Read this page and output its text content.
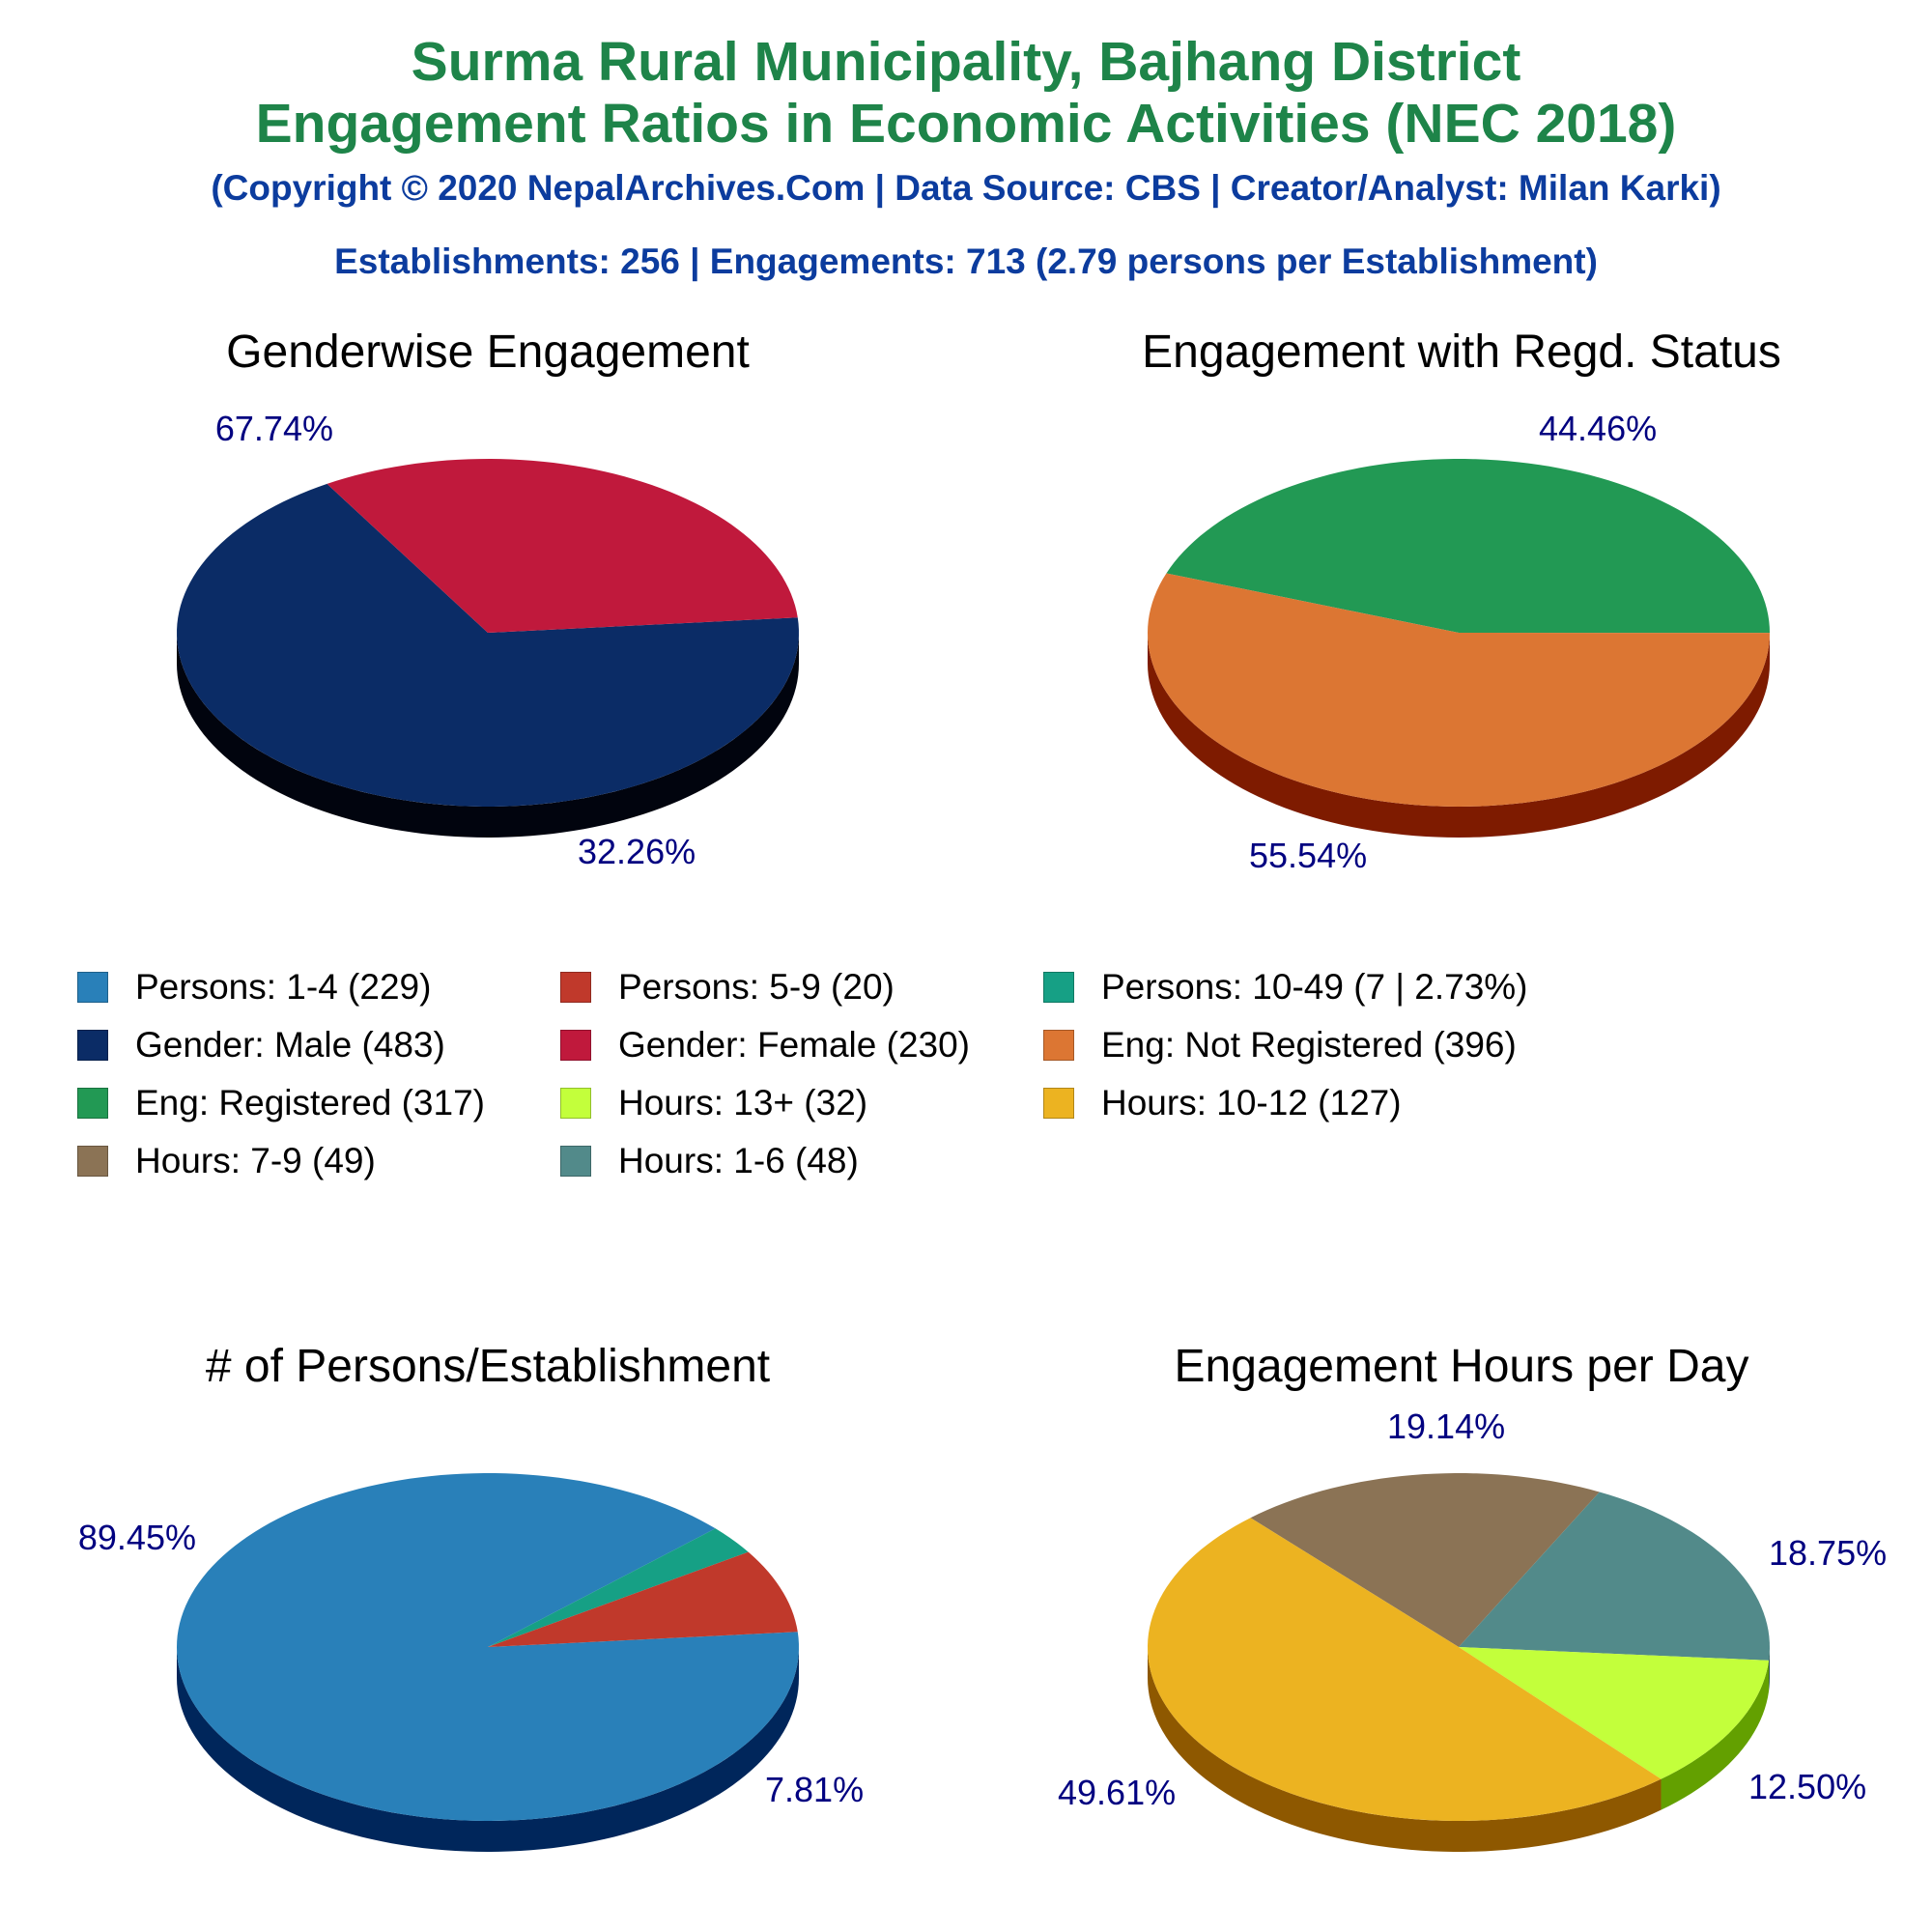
Surma Rural Municipality, Bajhang District
Engagement Ratios in Economic Activities (NEC 2018)
(Copyright © 2020 NepalArchives.Com | Data Source: CBS | Creator/Analyst: Milan Karki)
Establishments: 256 | Engagements: 713 (2.79 persons per Establishment)
Genderwise Engagement
67.74%
32.26%
Engagement with Regd. Status
44.46%
55.54%
# of Persons/Establishment
89.45%
7.81%
Engagement Hours per Day
19.14%
18.75%
12.50%
49.61%
Persons: 1-4 (229)	Persons: 5-9 (20)	Persons: 10-49 (7 | 2.73%)
Gender: Male (483)	Gender: Female (230)	Eng: Not Registered (396)
Eng: Registered (317)	Hours: 13+ (32)	Hours: 10-12 (127)
Hours: 7-9 (49)	Hours: 1-6 (48)
